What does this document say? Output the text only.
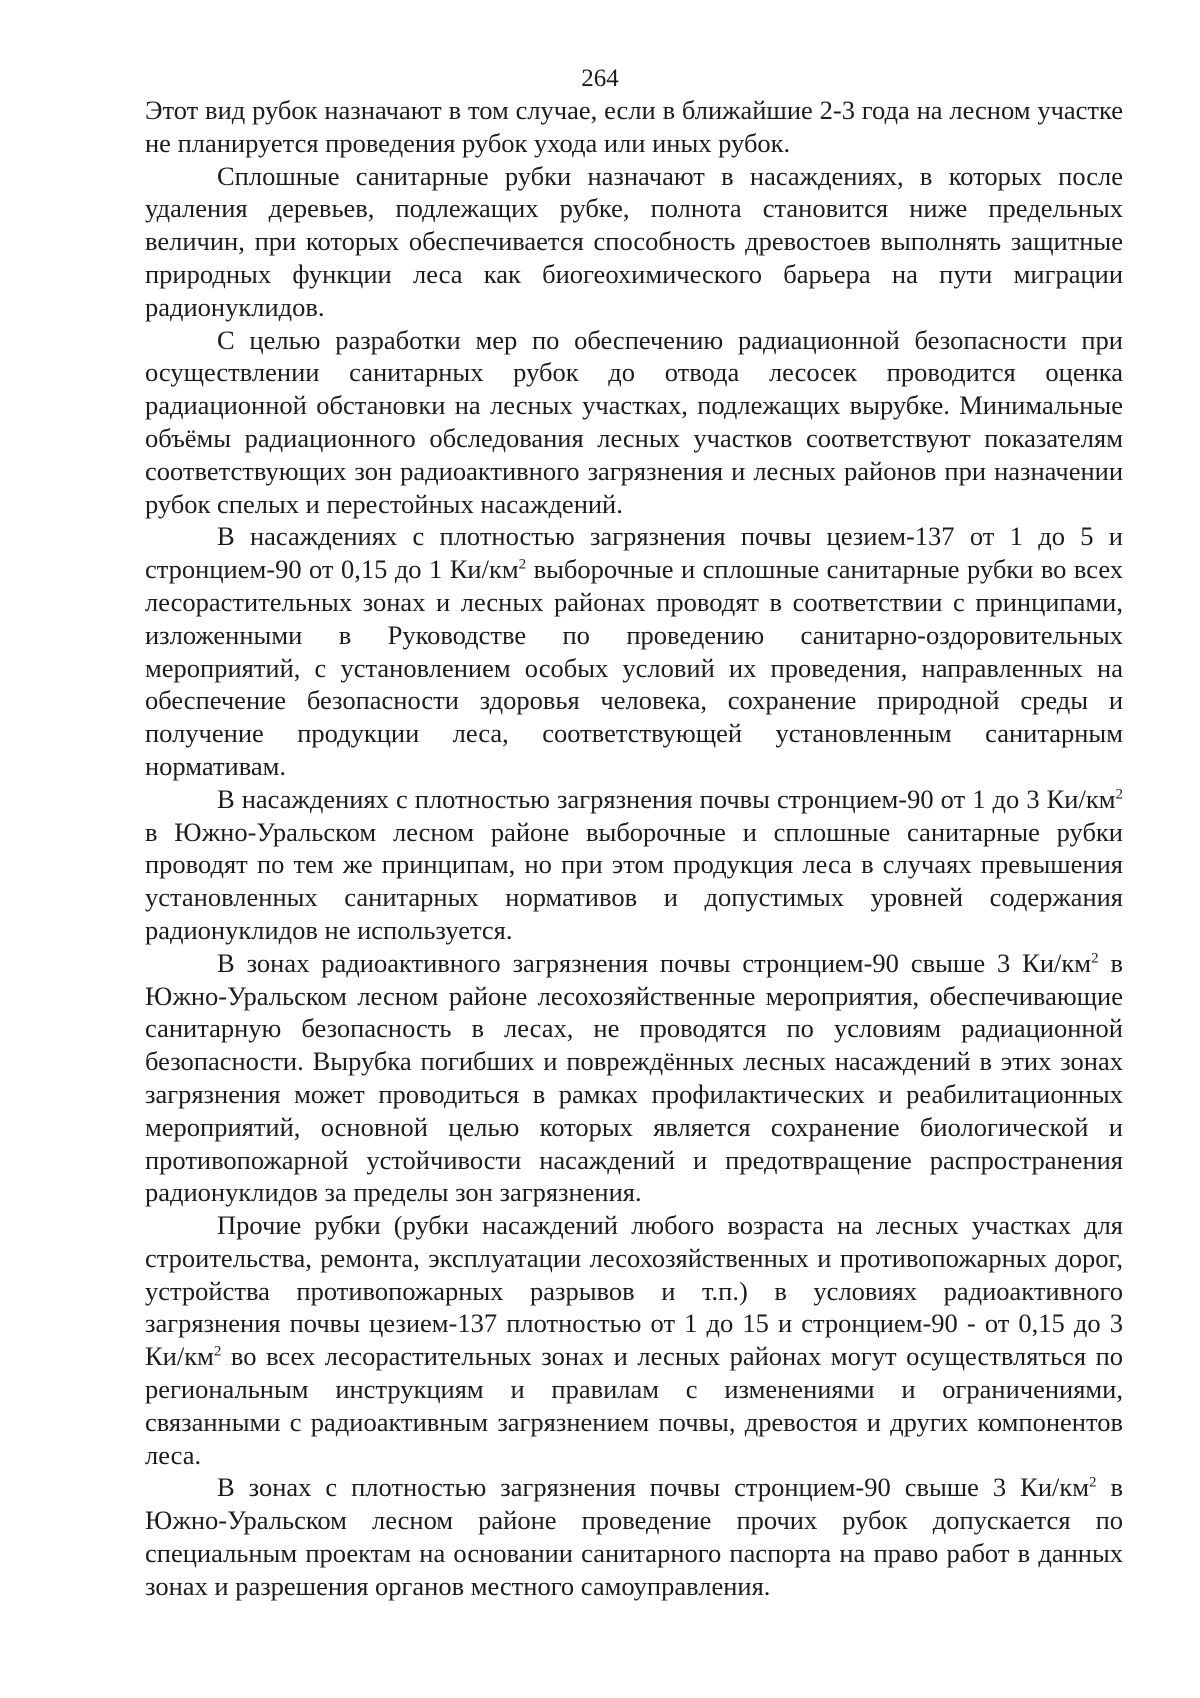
264

Этот вид рубок назначают в том случае, если в ближайшие 2-3 года на лесном участке не планируется проведения рубок ухода или иных рубок.

Сплошные санитарные рубки назначают в насаждениях, в которых после удаления деревьев, подлежащих рубке, полнота становится ниже предельных величин, при которых обеспечивается способность древостоев выполнять защитные природных функции леса как биогеохимического барьера на пути миграции радионуклидов.

С целью разработки мер по обеспечению радиационной безопасности при осуществлении санитарных рубок до отвода лесосек проводится оценка радиационной обстановки на лесных участках, подлежащих вырубке. Минимальные объёмы радиационного обследования лесных участков соответствуют показателям соответствующих зон радиоактивного загрязнения и лесных районов при назначении рубок спелых и перестойных насаждений.

В насаждениях с плотностью загрязнения почвы цезием-137 от 1 до 5 и стронцием-90 от 0,15 до 1 $Ки/км^2$ выборочные и сплошные санитарные рубки во всех лесорастительных зонах и лесных районах проводят в соответствии с принципами, изложенными в Руководстве по проведению санитарно-оздоровительных мероприятий, с установлением особых условий их проведения, направленных на обеспечение безопасности здоровья человека, сохранение природной среды и получение продукции леса, соответствующей установленным санитарным нормативам.

В насаждениях с плотностью загрязнения почвы стронцием-90 от 1 до 3 $Ки/км^2$ в Южно-Уральском лесном районе выборочные и сплошные санитарные рубки проводят по тем же принципам, но при этом продукция леса в случаях превышения установленных санитарных нормативов и допустимых уровней содержания радионуклидов не используется.

В зонах радиоактивного загрязнения почвы стронцием-90 свыше 3 $Ки/км^2$ в Южно-Уральском лесном районе лесохозяйственные мероприятия, обеспечивающие санитарную безопасность в лесах, не проводятся по условиям радиационной безопасности. Вырубка погибших и повреждённых лесных насаждений в этих зонах загрязнения может проводиться в рамках профилактических и реабилитационных мероприятий, основной целью которых является сохранение биологической и противопожарной устойчивости насаждений и предотвращение распространения радионуклидов за пределы зон загрязнения.

Прочие рубки (рубки насаждений любого возраста на лесных участках для строительства, ремонта, эксплуатации лесохозяйственных и противопожарных дорог, устройства противопожарных разрывов и т.п.) в условиях радиоактивного загрязнения почвы цезием-137 плотностью от 1 до 15 и стронцием-90 - от 0,15 до 3 $Ки/км^2$ во всех лесорастительных зонах и лесных районах могут осуществляться по региональным инструкциям и правилам с изменениями и ограничениями, связанными с радиоактивным загрязнением почвы, древостоя и других компонентов леса.

В зонах с плотностью загрязнения почвы стронцием-90 свыше 3 $Ки/км^2$ в Южно-Уральском лесном районе проведение прочих рубок допускается по специальным проектам на основании санитарного паспорта на право работ в данных зонах и разрешения органов местного самоуправления.
